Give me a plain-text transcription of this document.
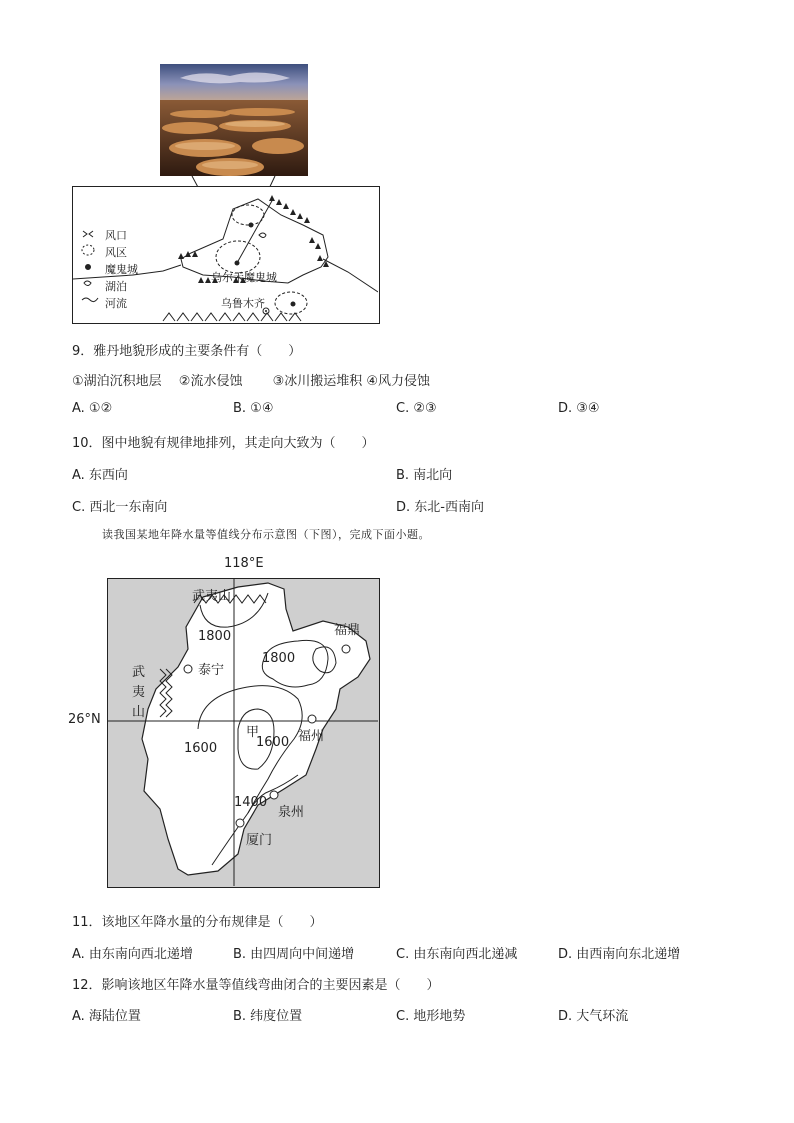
风口
风区
魔鬼城
湖泊
河流
乌尔禾魔鬼城
乌鲁木齐
9．雅丹地貌形成的主要条件有（　　）
①湖泊沉积地层　 ②流水侵蚀　　 ③冰川搬运堆积 ④风力侵蚀
A. ①②	B. ①④	C. ②③	D. ③④
10．图中地貌有规律地排列，其走向大致为（　　）
A. 东西向	B. 南北向
C. 西北一东南向	D. 东北-西南向
读我国某地年降水量等值线分布示意图（下图），完成下面小题。
118°E
26°N
武夷山
武
夷
山
1800
1800
泰宁
福鼎
甲
1600
1600
福州
1400
泉州
厦门
11．该地区年降水量的分布规律是（　　）
A. 由东南向西北递增	B. 由四周向中间递增	C. 由东南向西北递减	D. 由西南向东北递增
12．影响该地区年降水量等值线弯曲闭合的主要因素是（　　）
A. 海陆位置	B. 纬度位置	C. 地形地势	D. 大气环流
